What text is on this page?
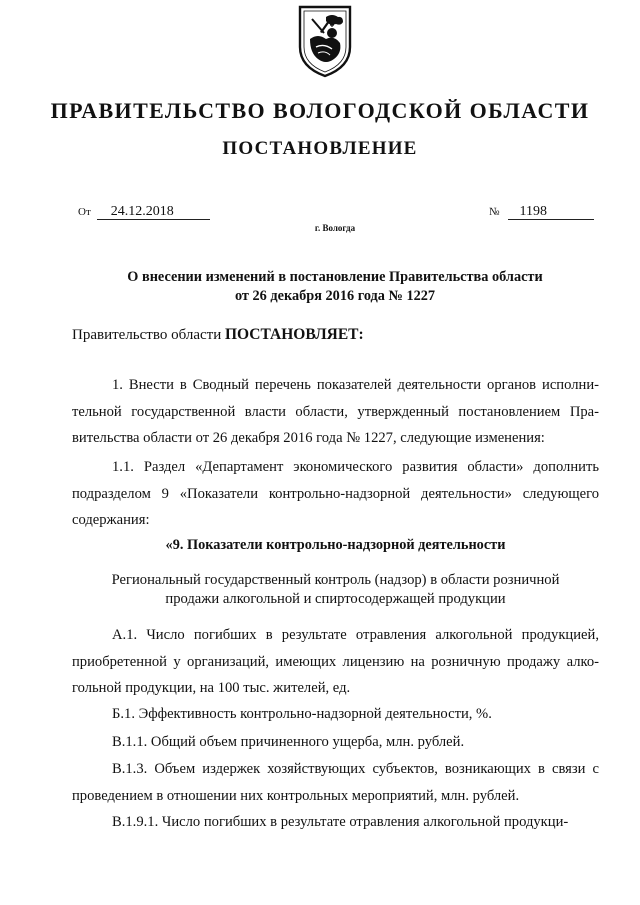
ПРАВИТЕЛЬСТВО ВОЛОГОДСКОЙ ОБЛАСТИ
ПОСТАНОВЛЕНИЕ
От 24.12.2018	№ 1198
г. Вологда
О внесении изменений в постановление Правительства области
от 26 декабря 2016 года № 1227
Правительство области ПОСТАНОВЛЯЕТ:

1. Внести в Сводный перечень показателей деятельности органов исполни-тельной государственной власти области, утвержденный постановлением Пра-вительства области от 26 декабря 2016 года № 1227, следующие изменения:

1.1. Раздел «Департамент экономического развития области» дополнить подразделом 9 «Показатели контрольно-надзорной деятельности» следующего содержания:

«9. Показатели контрольно-надзорной деятельности
Региональный государственный контроль (надзор) в области розничной
продажи алкогольной и спиртосодержащей продукции

А.1. Число погибших в результате отравления алкогольной продукцией, приобретенной у организаций, имеющих лицензию на розничную продажу алко-гольной продукции, на 100 тыс. жителей, ед.

Б.1. Эффективность контрольно-надзорной деятельности, %.

В.1.1. Общий объем причиненного ущерба, млн. рублей.

В.1.3. Объем издержек хозяйствующих субъектов, возникающих в связи с проведением в отношении них контрольных мероприятий, млн. рублей.

В.1.9.1. Число погибших в результате отравления алкогольной продукци-
